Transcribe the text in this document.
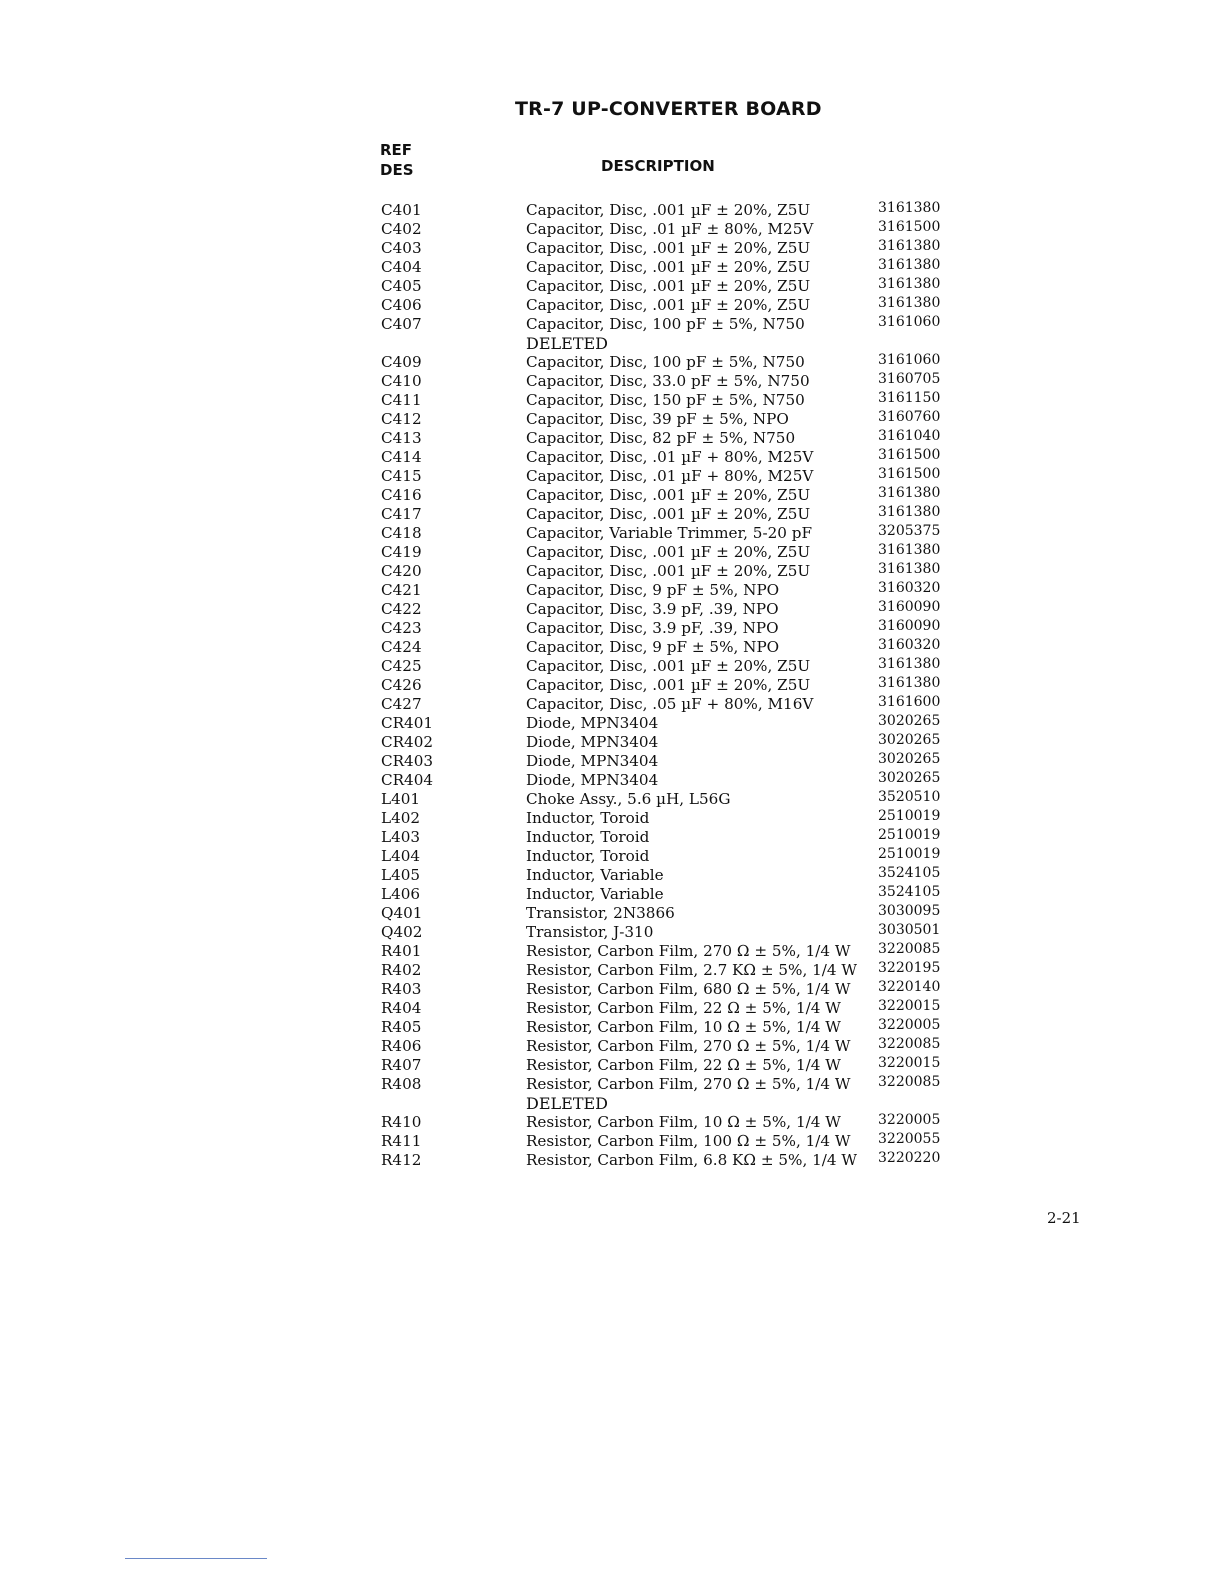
TR-7 UP-CONVERTER BOARD
REF
DES	DESCRIPTION
C401	Capacitor, Disc, .001 µF ± 20%, Z5U	3161380
C402	Capacitor, Disc, .01 µF ± 80%, M25V	3161500
C403	Capacitor, Disc, .001 µF ± 20%, Z5U	3161380
C404	Capacitor, Disc, .001 µF ± 20%, Z5U	3161380
C405	Capacitor, Disc, .001 µF ± 20%, Z5U	3161380
C406	Capacitor, Disc, .001 µF ± 20%, Z5U	3161380
C407	Capacitor, Disc, 100 pF ± 5%, N750	3161060
DELETED
C409	Capacitor, Disc, 100 pF ± 5%, N750	3161060
C410	Capacitor, Disc, 33.0 pF ± 5%, N750	3160705
C411	Capacitor, Disc, 150 pF ± 5%, N750	3161150
C412	Capacitor, Disc, 39 pF ± 5%, NPO	3160760
C413	Capacitor, Disc, 82 pF ± 5%, N750	3161040
C414	Capacitor, Disc, .01 µF + 80%, M25V	3161500
C415	Capacitor, Disc, .01 µF + 80%, M25V	3161500
C416	Capacitor, Disc, .001 µF ± 20%, Z5U	3161380
C417	Capacitor, Disc, .001 µF ± 20%, Z5U	3161380
C418	Capacitor, Variable Trimmer, 5-20 pF	3205375
C419	Capacitor, Disc, .001 µF ± 20%, Z5U	3161380
C420	Capacitor, Disc, .001 µF ± 20%, Z5U	3161380
C421	Capacitor, Disc, 9 pF ± 5%, NPO	3160320
C422	Capacitor, Disc, 3.9 pF, .39, NPO	3160090
C423	Capacitor, Disc, 3.9 pF, .39, NPO	3160090
C424	Capacitor, Disc, 9 pF ± 5%, NPO	3160320
C425	Capacitor, Disc, .001 µF ± 20%, Z5U	3161380
C426	Capacitor, Disc, .001 µF ± 20%, Z5U	3161380
C427	Capacitor, Disc, .05 µF + 80%, M16V	3161600
CR401	Diode, MPN3404	3020265
CR402	Diode, MPN3404	3020265
CR403	Diode, MPN3404	3020265
CR404	Diode, MPN3404	3020265
L401	Choke Assy., 5.6 µH, L56G	3520510
L402	Inductor, Toroid	2510019
L403	Inductor, Toroid	2510019
L404	Inductor, Toroid	2510019
L405	Inductor, Variable	3524105
L406	Inductor, Variable	3524105
Q401	Transistor, 2N3866	3030095
Q402	Transistor, J-310	3030501
R401	Resistor, Carbon Film, 270 Ω ± 5%, 1/4 W 3220085
R402	Resistor, Carbon Film, 2.7 KΩ ± 5%, 1/4 W 3220195
R403	Resistor, Carbon Film, 680 Ω ± 5%, 1/4 W 3220140
R404	Resistor, Carbon Film, 22 Ω ± 5%, 1/4 W	3220015
R405	Resistor, Carbon Film, 10 Ω ± 5%, 1/4 W	3220005
R406	Resistor, Carbon Film, 270 Ω ± 5%, 1/4 W 3220085
R407	Resistor, Carbon Film, 22 Ω ± 5%, 1/4 W	3220015
R408	Resistor, Carbon Film, 270 Ω ± 5%, 1/4 W 3220085
DELETED
R410	Resistor, Carbon Film, 10 Ω ± 5%, 1/4 W	3220005
R411	Resistor, Carbon Film, 100 Ω ± 5%, 1/4 W 3220055
R412	Resistor, Carbon Film, 6.8 KΩ ± 5%, 1/4 W 3220220
2-21
